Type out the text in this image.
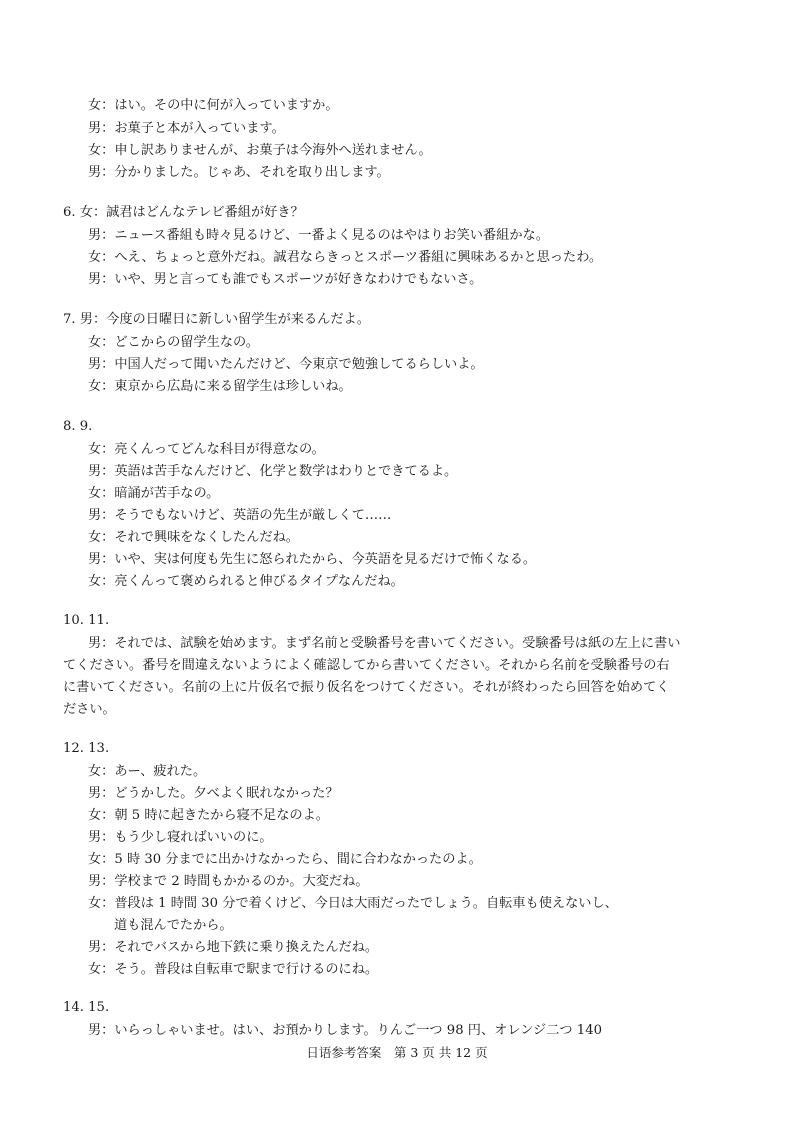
女：はい。その中に何が入っていますか。
男：お菓子と本が入っています。
女：申し訳ありませんが、お菓子は今海外へ送れません。
男：分かりました。じゃあ、それを取り出します。
6. 女：誠君はどんなテレビ番組が好き？
男：ニュース番組も時々見るけど、一番よく見るのはやはりお笑い番組かな。
女：へえ、ちょっと意外だね。誠君ならきっとスポーツ番組に興味あるかと思ったわ。
男：いや、男と言っても誰でもスポーツが好きなわけでもないさ。
7. 男：今度の日曜日に新しい留学生が来るんだよ。
女：どこからの留学生なの。
男：中国人だって聞いたんだけど、今東京で勉強してるらしいよ。
女：東京から広島に来る留学生は珍しいね。
8. 9.
女：亮くんってどんな科目が得意なの。
男：英語は苦手なんだけど、化学と数学はわりとできてるよ。
女：暗誦が苦手なの。
男：そうでもないけど、英語の先生が厳しくて……
女：それで興味をなくしたんだね。
男：いや、実は何度も先生に怒られたから、今英語を見るだけで怖くなる。
女：亮くんって褒められると伸びるタイプなんだね。
10. 11.
男：それでは、試験を始めます。まず名前と受験番号を書いてください。受験番号は紙の左上に書い
てください。番号を間違えないようによく確認してから書いてください。それから名前を受験番号の右
に書いてください。名前の上に片仮名で振り仮名をつけてください。それが終わったら回答を始めてく
ださい。
12. 13.
女：あー、疲れた。
男：どうかした。夕べよく眠れなかった？
女：朝 5 時に起きたから寝不足なのよ。
男：もう少し寝ればいいのに。
女：5 時 30 分までに出かけなかったら、間に合わなかったのよ。
男：学校まで 2 時間もかかるのか。大変だね。
女：普段は 1 時間 30 分で着くけど、今日は大雨だったでしょう。自転車も使えないし、
道も混んでたから。
男：それでバスから地下鉄に乗り換えたんだね。
女：そう。普段は自転車で駅まで行けるのにね。
14. 15.
男：いらっしゃいませ。はい、お預かりします。りんご一つ 98 円、オレンジ二つ 140
日语参考答案　第 3 页 共 12 页
